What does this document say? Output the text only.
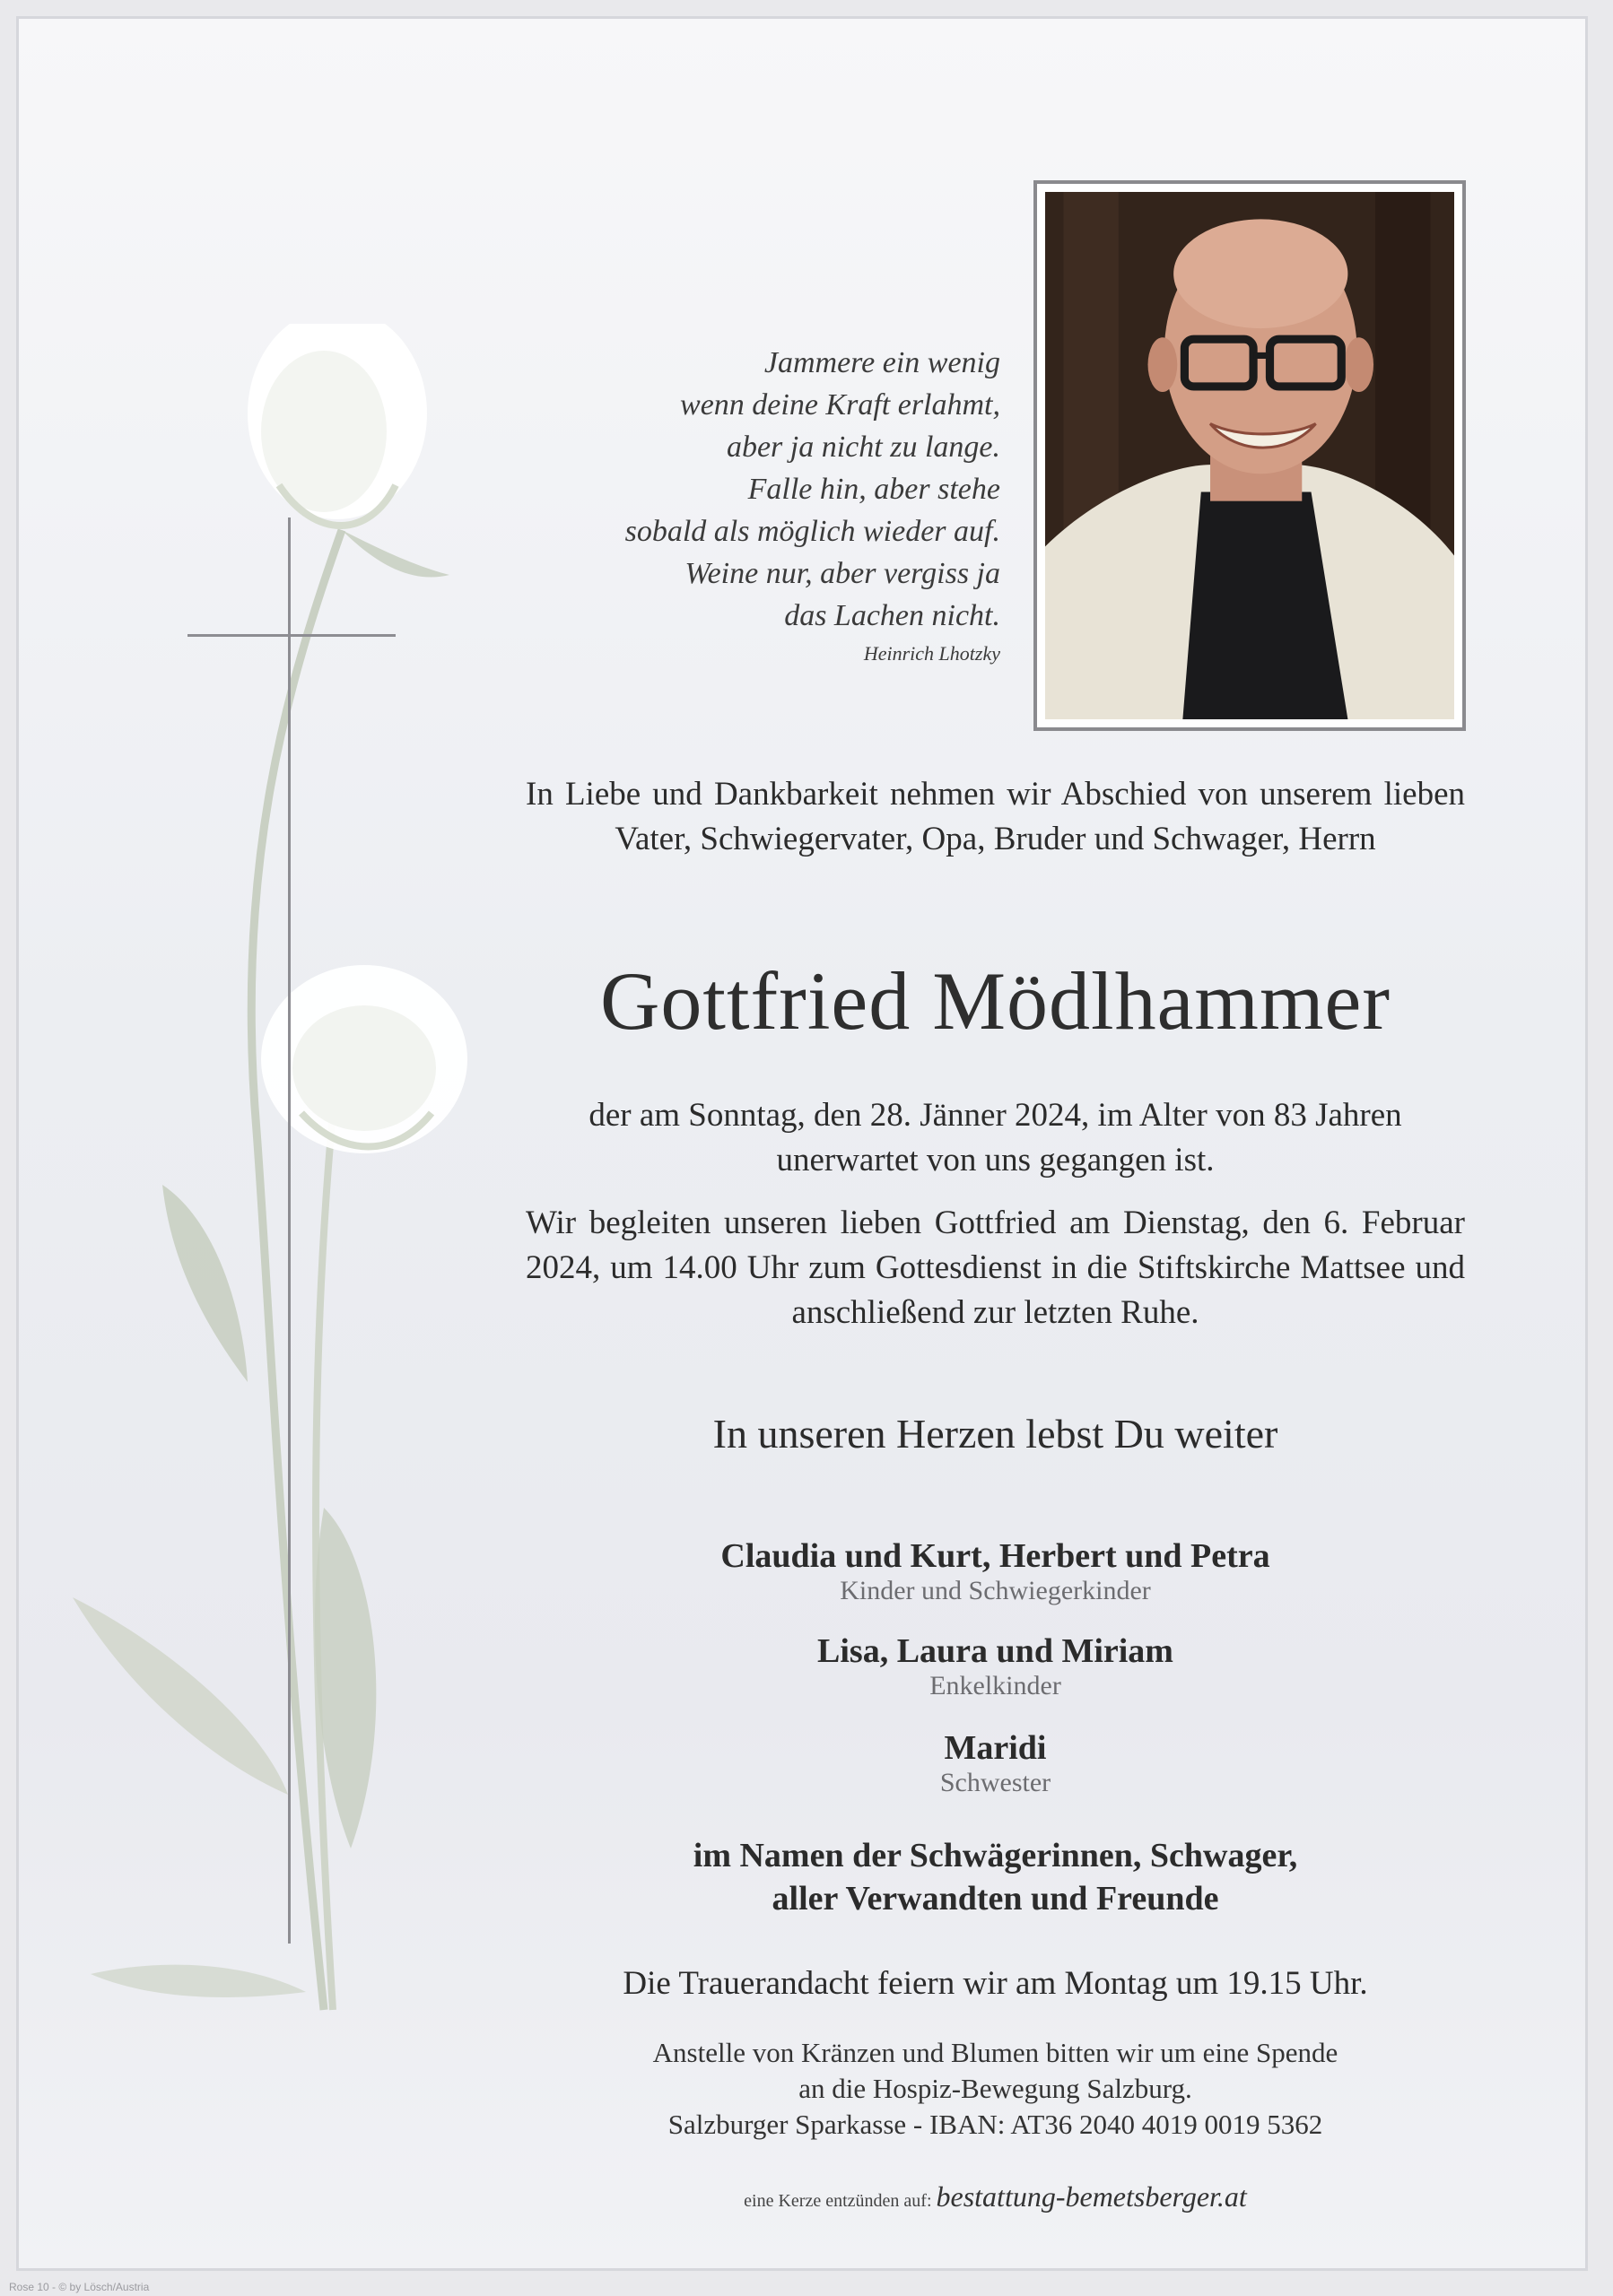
Jammere ein wenig
wenn deine Kraft erlahmt,
aber ja nicht zu lange.
Falle hin, aber stehe
sobald als möglich wieder auf.
Weine nur, aber vergiss ja
das Lachen nicht.
Heinrich Lhotzky
In Liebe und Dankbarkeit nehmen wir Abschied von unserem lieben Vater, Schwiegervater, Opa, Bruder und Schwager, Herrn
Gottfried Mödlhammer
der am Sonntag, den 28. Jänner 2024, im Alter von 83 Jahren unerwartet von uns gegangen ist.
Wir begleiten unseren lieben Gottfried am Dienstag, den 6. Februar 2024, um 14.00 Uhr zum Gottesdienst in die Stiftskirche Mattsee und anschließend zur letzten Ruhe.
In unseren Herzen lebst Du weiter
Claudia und Kurt, Herbert und Petra
Kinder und Schwiegerkinder
Lisa, Laura und Miriam
Enkelkinder
Maridi
Schwester
im Namen der Schwägerinnen, Schwager,
aller Verwandten und Freunde
Die Trauerandacht feiern wir am Montag um 19.15 Uhr.
Anstelle von Kränzen und Blumen bitten wir um eine Spende
an die Hospiz-Bewegung Salzburg.
Salzburger Sparkasse - IBAN: AT36 2040 4019 0019 5362
eine Kerze entzünden auf: bestattung-bemetsberger.at
Rose 10 - © by Lösch/Austria
